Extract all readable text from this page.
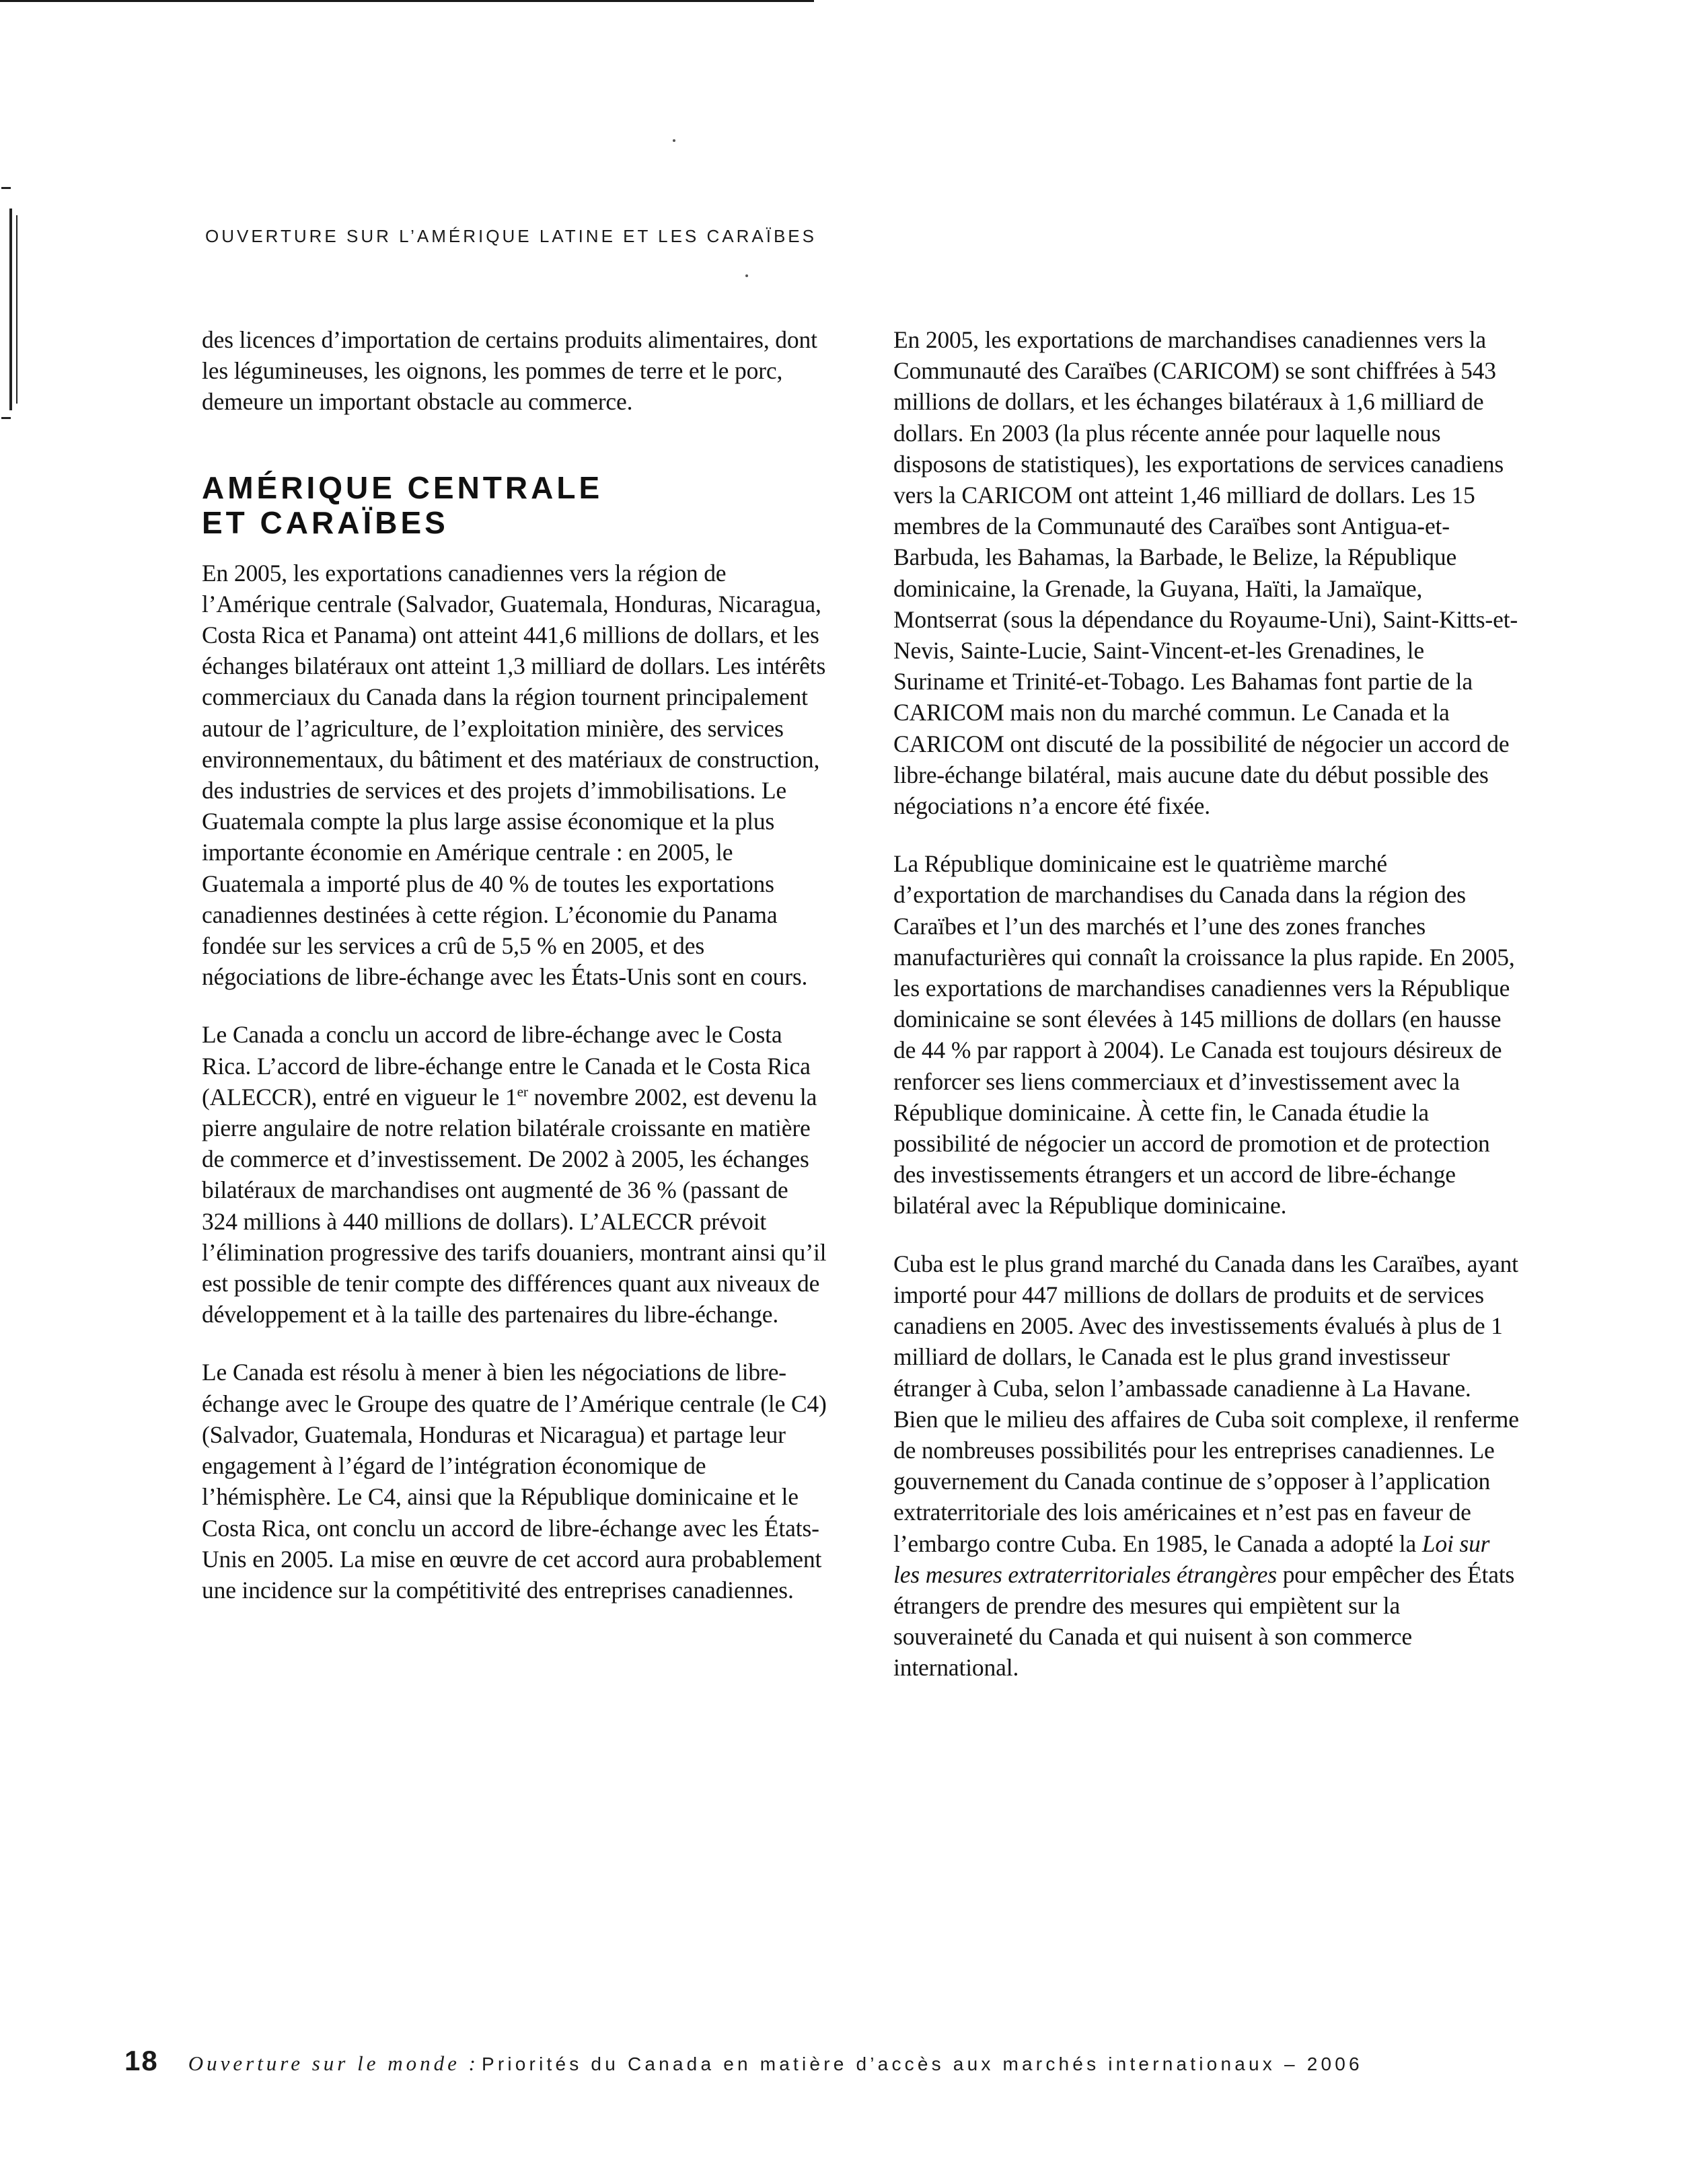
OUVERTURE SUR L’AMÉRIQUE LATINE ET LES CARAÏBES

des licences d’importation de certains produits alimentaires, dont les légumineuses, les oignons, les pommes de terre et le porc, demeure un important obstacle au commerce.

AMÉRIQUE CENTRALE
ET CARAÏBES

En 2005, les exportations canadiennes vers la région de l’Amérique centrale (Salvador, Guatemala, Honduras, Nicaragua, Costa Rica et Panama) ont atteint 441,6 millions de dollars, et les échanges bilatéraux ont atteint 1,3 milliard de dollars. Les intérêts commerciaux du Canada dans la région tournent principalement autour de l’agriculture, de l’exploitation minière, des services environnementaux, du bâtiment et des matériaux de construction, des industries de services et des projets d’immobilisations. Le Guatemala compte la plus large assise économique et la plus importante économie en Amérique centrale : en 2005, le Guatemala a importé plus de 40 % de toutes les exportations canadiennes destinées à cette région. L’économie du Panama fondée sur les services a crû de 5,5 % en 2005, et des négociations de libre-échange avec les États-Unis sont en cours.

Le Canada a conclu un accord de libre-échange avec le Costa Rica. L’accord de libre-échange entre le Canada et le Costa Rica (ALECCR), entré en vigueur le 1er novembre 2002, est devenu la pierre angulaire de notre relation bilatérale croissante en matière de commerce et d’investissement. De 2002 à 2005, les échanges bilatéraux de marchandises ont augmenté de 36 % (passant de 324 millions à 440 millions de dollars). L’ALECCR prévoit l’élimination progressive des tarifs douaniers, montrant ainsi qu’il est possible de tenir compte des différences quant aux niveaux de développement et à la taille des partenaires du libre-échange.

Le Canada est résolu à mener à bien les négociations de libre-échange avec le Groupe des quatre de l’Amérique centrale (le C4) (Salvador, Guatemala, Honduras et Nicaragua) et partage leur engagement à l’égard de l’intégration économique de l’hémisphère. Le C4, ainsi que la République dominicaine et le Costa Rica, ont conclu un accord de libre-échange avec les États-Unis en 2005. La mise en œuvre de cet accord aura probablement une incidence sur la compétitivité des entreprises canadiennes.

En 2005, les exportations de marchandises canadiennes vers la Communauté des Caraïbes (CARICOM) se sont chiffrées à 543 millions de dollars, et les échanges bilatéraux à 1,6 milliard de dollars. En 2003 (la plus récente année pour laquelle nous disposons de statistiques), les exportations de services canadiens vers la CARICOM ont atteint 1,46 milliard de dollars. Les 15 membres de la Communauté des Caraïbes sont Antigua-et-Barbuda, les Bahamas, la Barbade, le Belize, la République dominicaine, la Grenade, la Guyana, Haïti, la Jamaïque, Montserrat (sous la dépendance du Royaume-Uni), Saint-Kitts-et-Nevis, Sainte-Lucie, Saint-Vincent-et-les Grenadines, le Suriname et Trinité-et-Tobago. Les Bahamas font partie de la CARICOM mais non du marché commun. Le Canada et la CARICOM ont discuté de la possibilité de négocier un accord de libre-échange bilatéral, mais aucune date du début possible des négociations n’a encore été fixée.

La République dominicaine est le quatrième marché d’exportation de marchandises du Canada dans la région des Caraïbes et l’un des marchés et l’une des zones franches manufacturières qui connaît la croissance la plus rapide. En 2005, les exportations de marchandises canadiennes vers la République dominicaine se sont élevées à 145 millions de dollars (en hausse de 44 % par rapport à 2004). Le Canada est toujours désireux de renforcer ses liens commerciaux et d’investissement avec la République dominicaine. À cette fin, le Canada étudie la possibilité de négocier un accord de promotion et de protection des investissements étrangers et un accord de libre-échange bilatéral avec la République dominicaine.

Cuba est le plus grand marché du Canada dans les Caraïbes, ayant importé pour 447 millions de dollars de produits et de services canadiens en 2005. Avec des investissements évalués à plus de 1 milliard de dollars, le Canada est le plus grand investisseur étranger à Cuba, selon l’ambassade canadienne à La Havane. Bien que le milieu des affaires de Cuba soit complexe, il renferme de nombreuses possibilités pour les entreprises canadiennes. Le gouvernement du Canada continue de s’opposer à l’application extraterritoriale des lois américaines et n’est pas en faveur de l’embargo contre Cuba. En 1985, le Canada a adopté la Loi sur les mesures extraterritoriales étrangères pour empêcher des États étrangers de prendre des mesures qui empiètent sur la souveraineté du Canada et qui nuisent à son commerce international.

18 Ouverture sur le monde : Priorités du Canada en matière d’accès aux marchés internationaux – 2006
